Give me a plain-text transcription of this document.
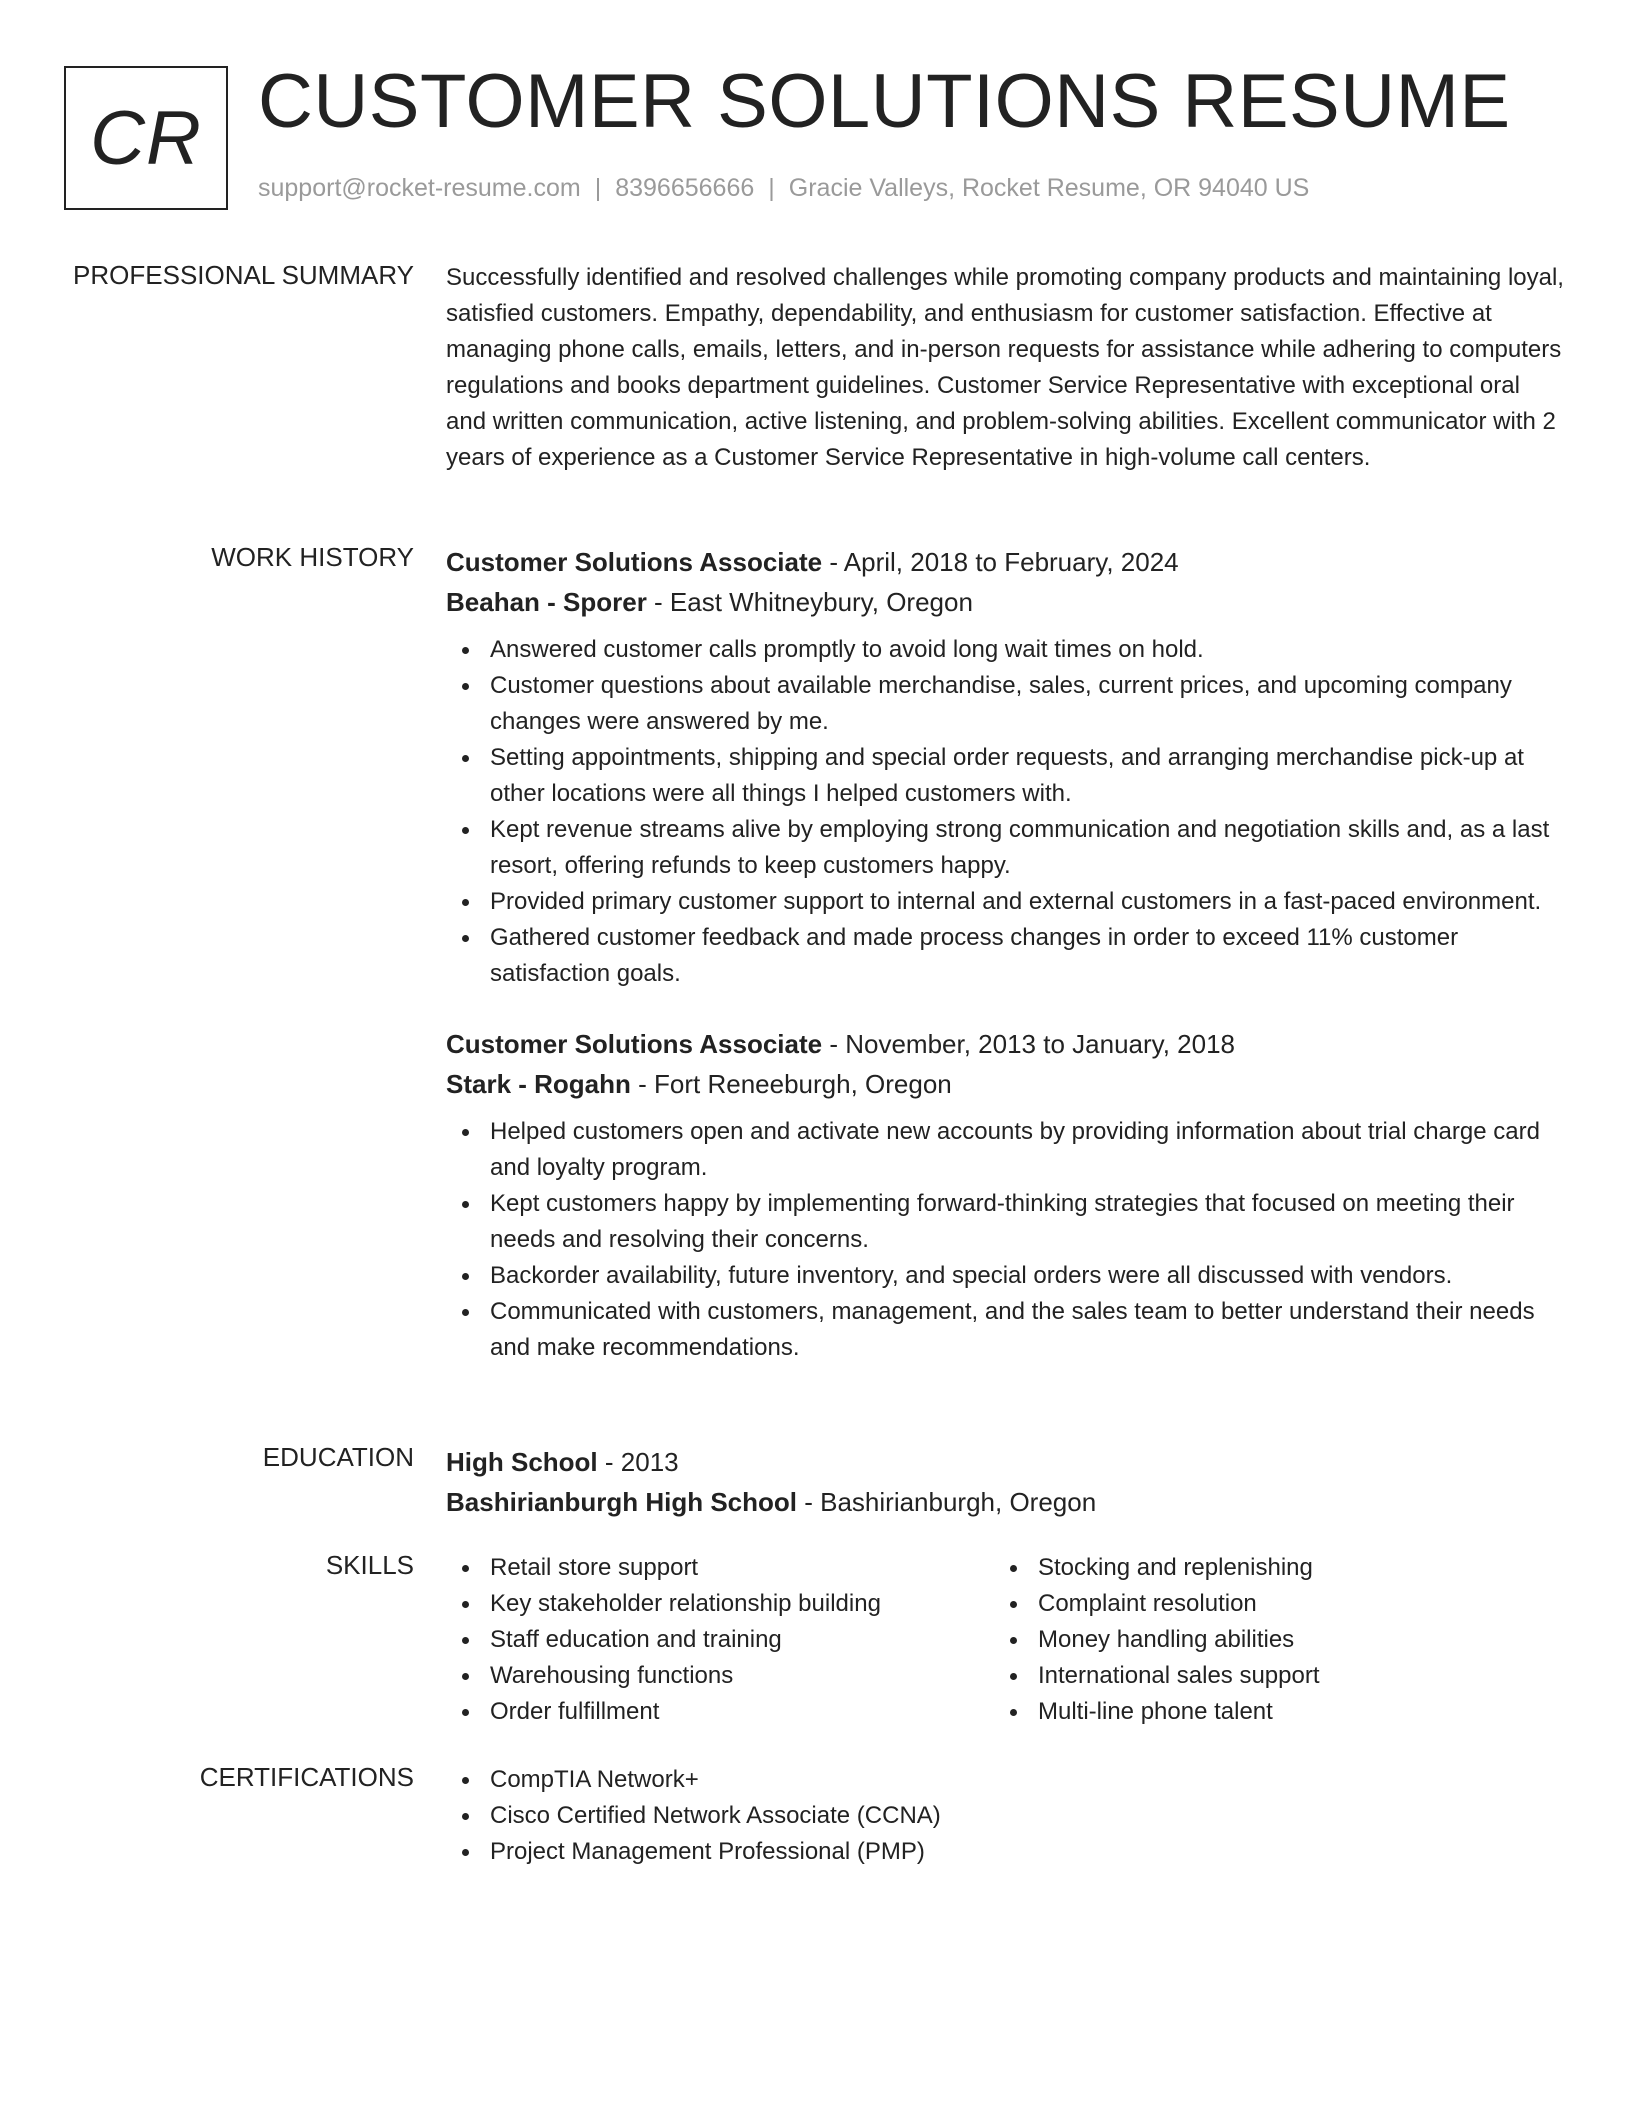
CR CUSTOMER SOLUTIONS RESUME
support@rocket-resume.com | 8396656666 | Gracie Valleys, Rocket Resume, OR 94040 US
PROFESSIONAL SUMMARY Successfully identified and resolved challenges while promoting company products and maintaining loyal, satisfied customers. Empathy, dependability, and enthusiasm for customer satisfaction. Effective at managing phone calls, emails, letters, and in-person requests for assistance while adhering to computers regulations and books department guidelines. Customer Service Representative with exceptional oral and written communication, active listening, and problem-solving abilities. Excellent communicator with 2 years of experience as a Customer Service Representative in high-volume call centers.
WORK HISTORY Customer Solutions Associate - April, 2018 to February, 2024
Beahan - Sporer - East Whitneybury, Oregon
Answered customer calls promptly to avoid long wait times on hold.
Customer questions about available merchandise, sales, current prices, and upcoming company changes were answered by me.
Setting appointments, shipping and special order requests, and arranging merchandise pick-up at other locations were all things I helped customers with.
Kept revenue streams alive by employing strong communication and negotiation skills and, as a last resort, offering refunds to keep customers happy.
Provided primary customer support to internal and external customers in a fast-paced environment.
Gathered customer feedback and made process changes in order to exceed 11% customer satisfaction goals.
Customer Solutions Associate - November, 2013 to January, 2018
Stark - Rogahn - Fort Reneeburgh, Oregon
Helped customers open and activate new accounts by providing information about trial charge card and loyalty program.
Kept customers happy by implementing forward-thinking strategies that focused on meeting their needs and resolving their concerns.
Backorder availability, future inventory, and special orders were all discussed with vendors.
Communicated with customers, management, and the sales team to better understand their needs and make recommendations.
EDUCATION High School - 2013
Bashirianburgh High School - Bashirianburgh, Oregon
SKILLS	Retail store support
Key stakeholder relationship building
Staff education and training
Warehousing functions
Order fulfillment
Stocking and replenishing
Complaint resolution
Money handling abilities
International sales support
Multi-line phone talent
CERTIFICATIONS	CompTIA Network+
Cisco Certified Network Associate (CCNA)
Project Management Professional (PMP)
